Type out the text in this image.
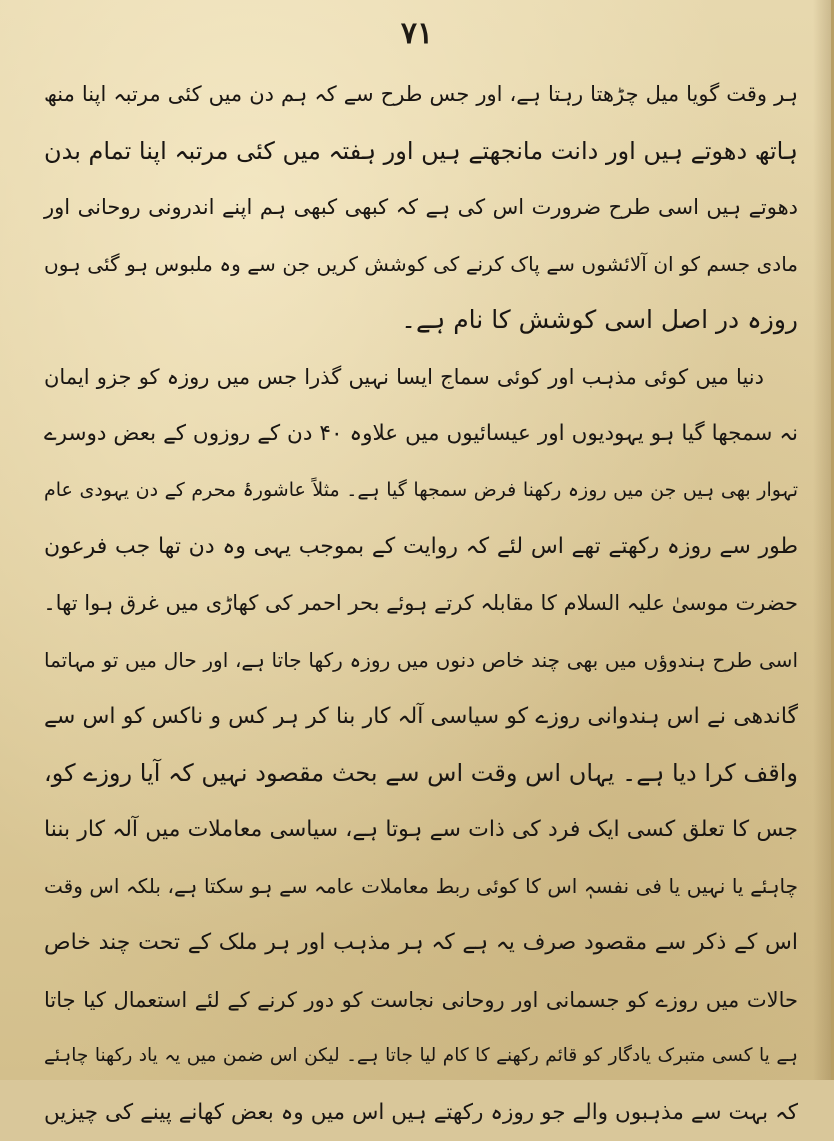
۷۱
ہر وقت گویا میل چڑھتا رہتا ہے، اور جس طرح سے کہ ہم دن میں کئی مرتبہ اپنا منھ
ہاتھ دھوتے ہیں اور دانت مانجھتے ہیں اور ہفتہ میں کئی مرتبہ اپنا تمام بدن
دھوتے ہیں اسی طرح ضرورت اس کی ہے کہ کبھی کبھی ہم اپنے اندرونی روحانی اور
مادی جسم کو ان آلائشوں سے پاک کرنے کی کوشش کریں جن سے وہ ملبوس ہو گئی ہوں
روزہ در اصل اسی کوشش کا نام ہے۔
دنیا میں کوئی مذہب اور کوئی سماج ایسا نہیں گذرا جس میں روزہ کو جزو ایمان
نہ سمجھا گیا ہو یہودیوں اور عیسائیوں میں علاوہ ۴۰ دن کے روزوں کے بعض دوسرے
تہوار بھی ہیں جن میں روزہ رکھنا فرض سمجھا گیا ہے۔ مثلاً عاشورۂ محرم کے دن یہودی عام
طور سے روزہ رکھتے تھے اس لئے کہ روایت کے بموجب یہی وہ دن تھا جب فرعون
حضرت موسیٰ علیہ السلام کا مقابلہ کرتے ہوئے بحر احمر کی کھاڑی میں غرق ہوا تھا۔
اسی طرح ہندوؤں میں بھی چند خاص دنوں میں روزہ رکھا جاتا ہے، اور حال میں تو مہاتما
گاندھی نے اس ہندوانی روزے کو سیاسی آلہ کار بنا کر ہر کس و ناکس کو اس سے
واقف کرا دیا ہے۔ یہاں اس وقت اس سے بحث مقصود نہیں کہ آیا روزے کو،
جس کا تعلق کسی ایک فرد کی ذات سے ہوتا ہے، سیاسی معاملات میں آلہ کار بننا
چاہئے یا نہیں یا فی نفسہٖ اس کا کوئی ربط معاملات عامہ سے ہو سکتا ہے، بلکہ اس وقت
اس کے ذکر سے مقصود صرف یہ ہے کہ ہر مذہب اور ہر ملک کے تحت چند خاص
حالات میں روزے کو جسمانی اور روحانی نجاست کو دور کرنے کے لئے استعمال کیا جاتا
ہے یا کسی متبرک یادگار کو قائم رکھنے کا کام لیا جاتا ہے۔ لیکن اس ضمن میں یہ یاد رکھنا چاہئے
کہ بہت سے مذہبوں والے جو روزہ رکھتے ہیں اس میں وہ بعض کھانے پینے کی چیزیں
